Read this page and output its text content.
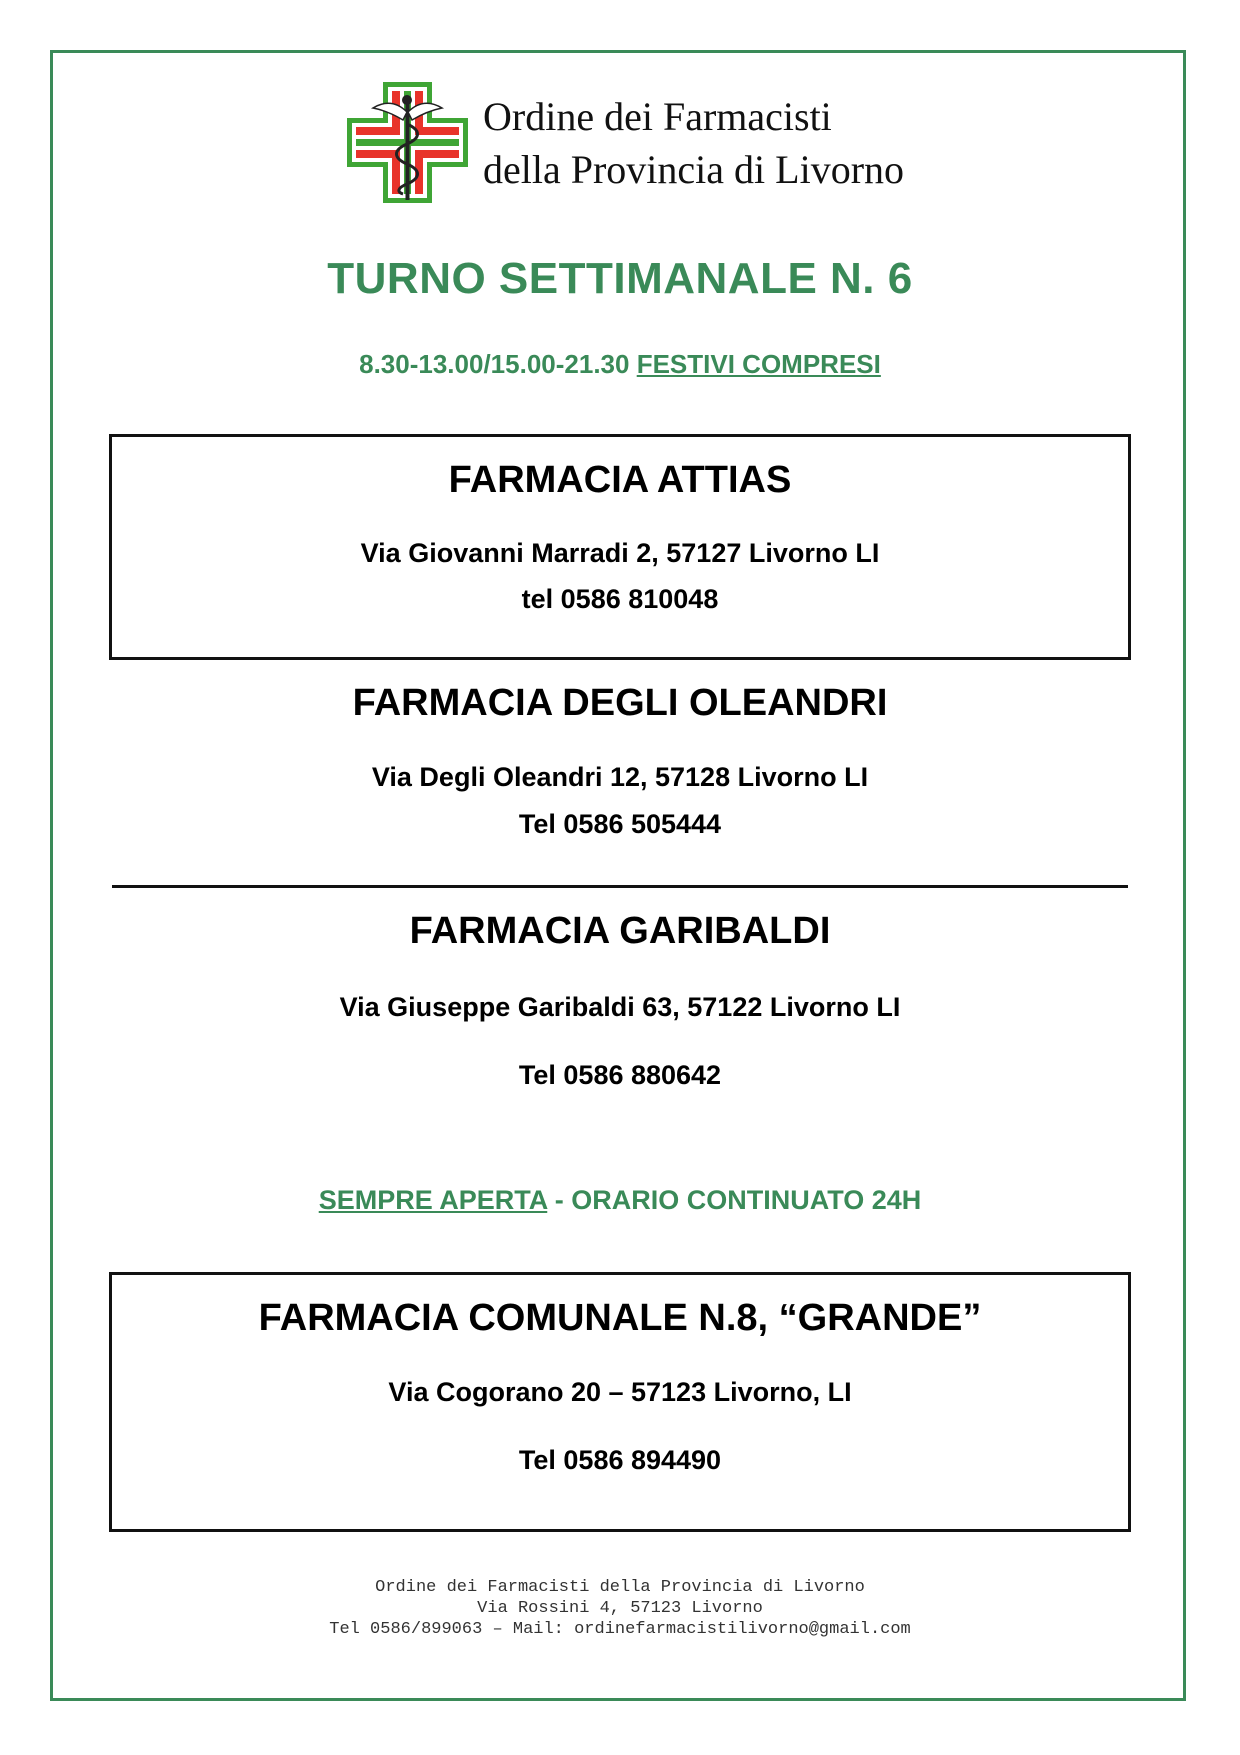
Ordine dei Farmacisti
della Provincia di Livorno
TURNO SETTIMANALE N. 6
8.30-13.00/15.00-21.30 FESTIVI COMPRESI
FARMACIA ATTIAS
Via Giovanni Marradi 2, 57127 Livorno LI
tel 0586 810048
FARMACIA DEGLI OLEANDRI
Via Degli Oleandri 12, 57128 Livorno LI
Tel 0586 505444
FARMACIA GARIBALDI
Via Giuseppe Garibaldi 63, 57122 Livorno LI
Tel 0586 880642
SEMPRE APERTA - ORARIO CONTINUATO 24H
FARMACIA COMUNALE N.8, “GRANDE”
Via Cogorano 20 – 57123 Livorno, LI
Tel 0586 894490
Ordine dei Farmacisti della Provincia di Livorno
Via Rossini 4, 57123 Livorno
Tel 0586/899063 – Mail: ordinefarmacistilivorno@gmail.com
